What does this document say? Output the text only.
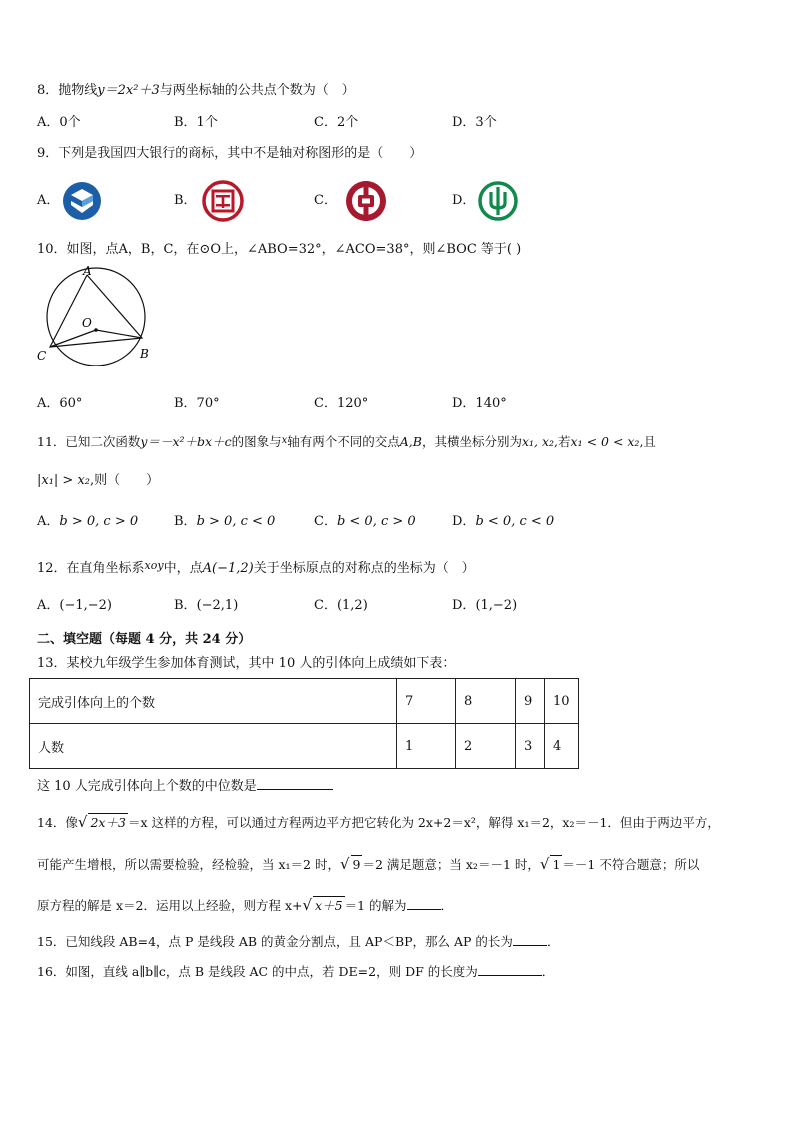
8．抛物线y＝2x²＋3与两坐标轴的公共点个数为（　）
A．0个	B．1个	C．2个	D．3个
9．下列是我国四大银行的商标，其中不是轴对称图形的是（　　）
A．	B．	C．	D．
10．如图，点A，B，C，在⊙O上，∠ABO=32°，∠ACO=38°，则∠BOC 等于( )
A
O
C	B
A．60°	B．70°	C．120°	D．140°
11．已知二次函数y＝－x²＋bx＋c的图象与$^x$轴有两个不同的交点A,B，其横坐标分别为x₁, x₂,若x₁ < 0 < x₂,且
|x₁| > x₂,则（　　）
A．b > 0, c > 0	B．b > 0, c < 0	C．b < 0, c > 0	D．b < 0, c < 0
12．在直角坐标系$^{xoy}$中，点A(−1,2)关于坐标原点的对称点的坐标为（　）
A．(−1,−2)	B．(−2,1)	C．(1,2)	D．(1,−2)
二、填空题（每题 4 分，共 24 分）
13．某校九年级学生参加体育测试，其中 10 人的引体向上成绩如下表：
完成引体向上的个数	7	8	9	10
人数	1	2	3	4
这 10 人完成引体向上个数的中位数是
14．像√ 2x＋3 ＝x 这样的方程，可以通过方程两边平方把它转化为 2x+2＝x²，解得 x₁＝2，x₂＝－1．但由于两边平方，
可能产生增根，所以需要检验，经检验，当 x₁＝2 时，√ 9 ＝2 满足题意；当 x₂＝－1 时，√ 1 ＝－1 不符合题意；所以
原方程的解是 x＝2．运用以上经验，则方程 x+√ x＋5 ＝1 的解为	．
15．已知线段 AB=4，点 P 是线段 AB 的黄金分割点，且 AP＜BP，那么 AP 的长为	．
16．如图，直线 a∥b∥c，点 B 是线段 AC 的中点，若 DE=2，则 DF 的长度为	．
